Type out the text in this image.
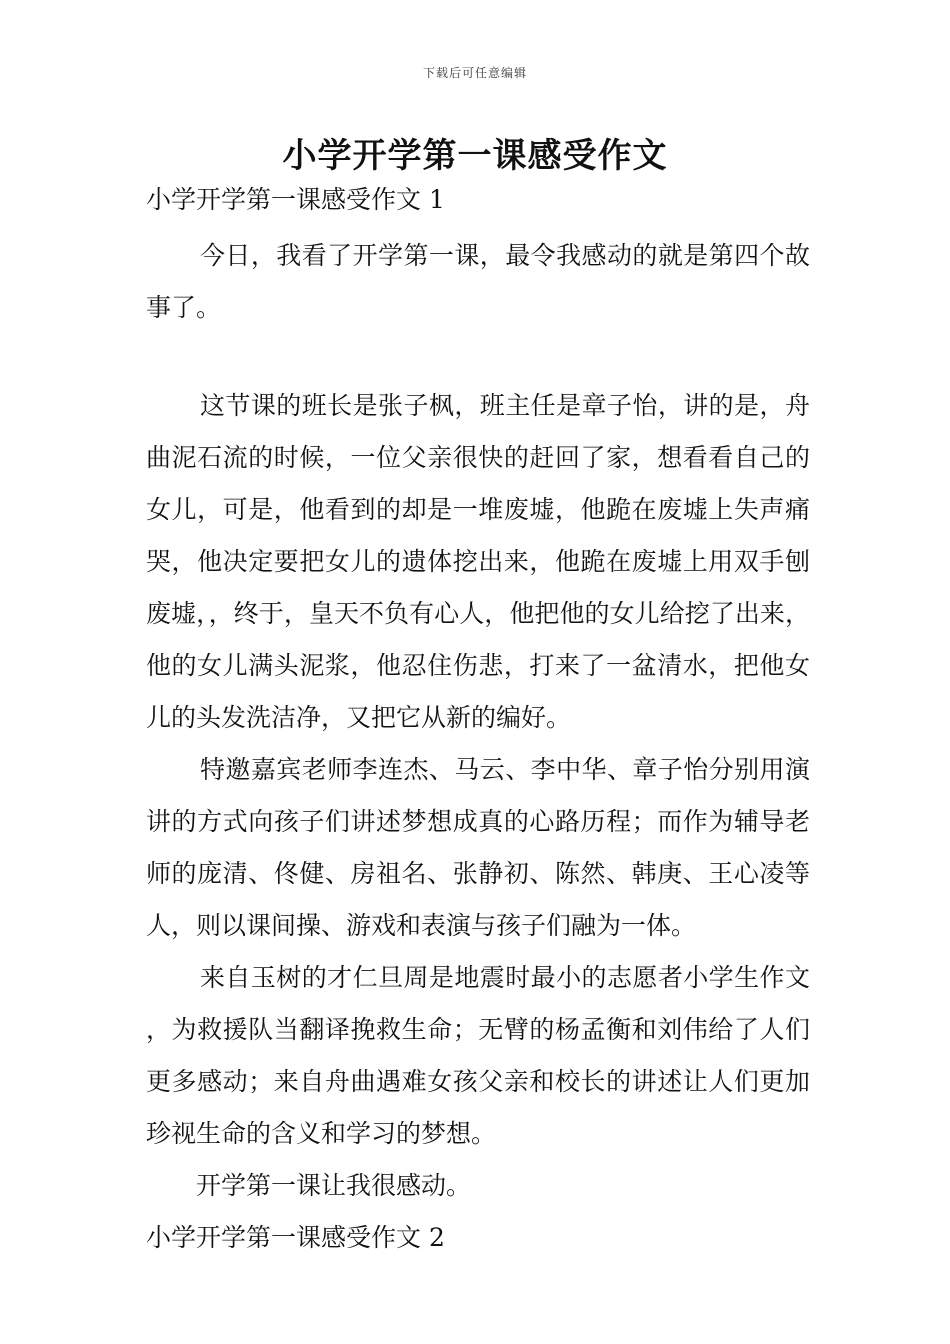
下载后可任意编辑
小学开学第一课感受作文

小学开学第一课感受作文 1

今日，我看了开学第一课，最令我感动的就是第四个故事了。

这节课的班长是张子枫，班主任是章子怡，讲的是，舟曲泥石流的时候，一位父亲很快的赶回了家，想看看自己的女儿，可是，他看到的却是一堆废墟，他跪在废墟上失声痛哭，他决定要把女儿的遗体挖出来，他跪在废墟上用双手刨废墟，，终于，皇天不负有心人，他把他的女儿给挖了出来，他的女儿满头泥浆，他忍住伤悲，打来了一盆清水，把他女儿的头发洗洁净，又把它从新的编好。

特邀嘉宾老师李连杰、马云、李中华、章子怡分别用演讲的方式向孩子们讲述梦想成真的心路历程；而作为辅导老师的庞清、佟健、房祖名、张静初、陈然、韩庚、王心凌等人，则以课间操、游戏和表演与孩子们融为一体。

来自玉树的才仁旦周是地震时最小的志愿者小学生作文 ，为救援队当翻译挽救生命；无臂的杨孟衡和刘伟给了人们更多感动；来自舟曲遇难女孩父亲和校长的讲述让人们更加珍视生命的含义和学习的梦想。

开学第一课让我很感动。

小学开学第一课感受作文 2
